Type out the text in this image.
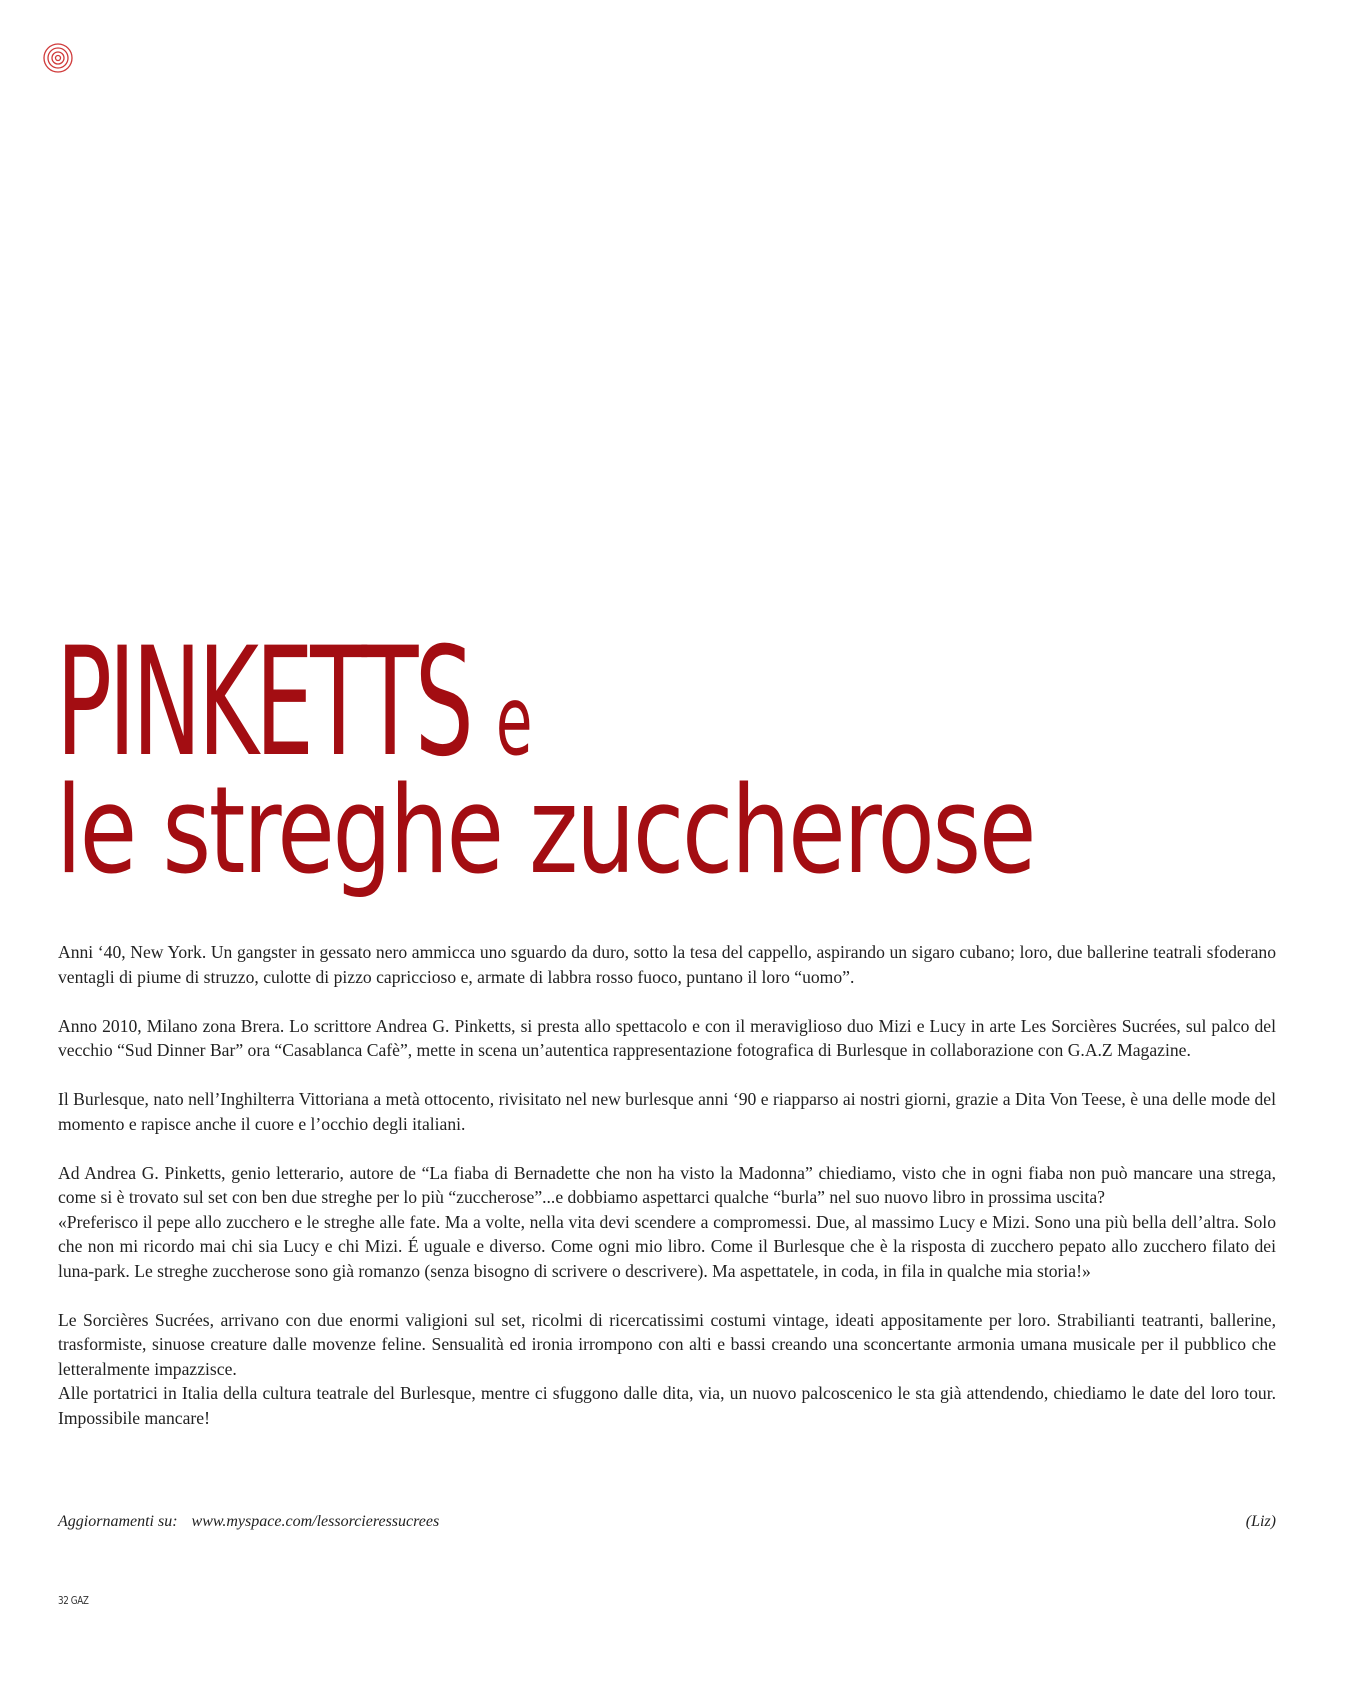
PINKETTS e
le streghe zuccherose

Anni ‘40, New York. Un gangster in gessato nero ammicca uno sguardo da duro, sotto la tesa del cappello, aspirando un sigaro cubano; loro, due ballerine teatrali sfoderano ventagli di piume di struzzo, culotte di pizzo capriccioso e, armate di labbra rosso fuoco, puntano il loro “uomo”.

Anno 2010, Milano zona Brera. Lo scrittore Andrea G. Pinketts, si presta allo spettacolo e con il meraviglioso duo Mizi e Lucy in arte Les Sorcières Sucrées, sul palco del vecchio “Sud Dinner Bar” ora “Casablanca Cafè”, mette in scena un’autentica rappresentazione fotografica di Burlesque in collaborazione con G.A.Z Magazine.

Il Burlesque, nato nell’Inghilterra Vittoriana a metà ottocento, rivisitato nel new burlesque anni ‘90 e riapparso ai nostri giorni, grazie a Dita Von Teese, è una delle mode del momento e rapisce anche il cuore e l’occhio degli italiani.

Ad Andrea G. Pinketts, genio letterario, autore de “La fiaba di Bernadette che non ha visto la Madonna” chiediamo, visto che in ogni fiaba non può mancare una strega, come si è trovato sul set con ben due streghe per lo più “zuccherose”...e dobbiamo aspettarci qualche “burla” nel suo nuovo libro in prossima uscita?

«Preferisco il pepe allo zucchero e le streghe alle fate. Ma a volte, nella vita devi scendere a compromessi. Due, al massimo Lucy e Mizi. Sono una più bella dell’altra. Solo che non mi ricordo mai chi sia Lucy e chi Mizi. É uguale e diverso. Come ogni mio libro. Come il Burlesque che è la risposta di zucchero pepato allo zucchero filato dei luna-park. Le streghe zuccherose sono già romanzo (senza bisogno di scrivere o descrivere). Ma aspettatele, in coda, in fila in qualche mia storia!»

Le Sorcières Sucrées, arrivano con due enormi valigioni sul set, ricolmi di ricercatissimi costumi vintage, ideati appositamente per loro. Strabilianti teatranti, ballerine, trasformiste, sinuose creature dalle movenze feline. Sensualità ed ironia irrompono con alti e bassi creando una sconcertante armonia umana musicale per il pubblico che letteralmente impazzisce.

Alle portatrici in Italia della cultura teatrale del Burlesque, mentre ci sfuggono dalle dita, via, un nuovo palcoscenico le sta già attendendo, chiediamo le date del loro tour. Impossibile mancare!

Aggiornamenti su: www.myspace.com/lessorcieressucrees	(Liz)
32 GAZ
